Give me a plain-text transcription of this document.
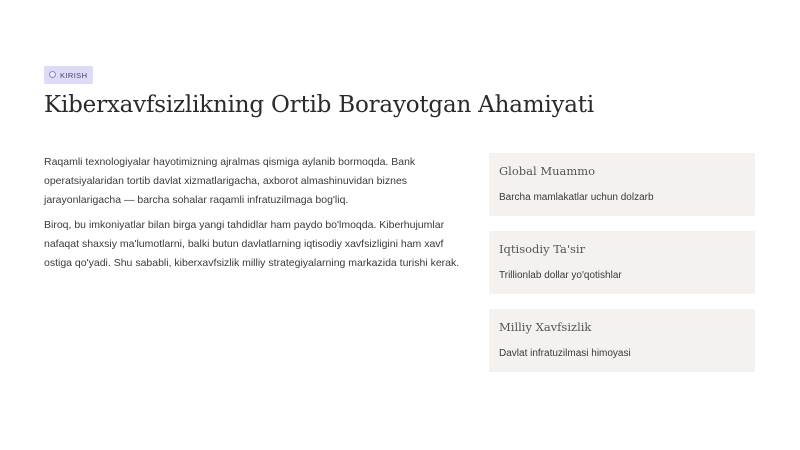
KIRISH
Kiberxavfsizlikning Ortib Borayotgan Ahamiyati

Raqamli texnologiyalar hayotimizning ajralmas qismiga aylanib bormoqda. Bank operatsiyalaridan tortib davlat xizmatlarigacha, axborot almashinuvidan biznes jarayonlarigacha — barcha sohalar raqamli infratuzilmaga bog'liq.

Biroq, bu imkoniyatlar bilan birga yangi tahdidlar ham paydo bo'lmoqda. Kiberhujumlar nafaqat shaxsiy ma'lumotlarni, balki butun davlatlarning iqtisodiy xavfsizligini ham xavf ostiga qo'yadi. Shu sababli, kiberxavfsizlik milliy strategiyalarning markazida turishi kerak.

Global Muammo
Barcha mamlakatlar uchun dolzarb
Iqtisodiy Ta'sir
Trillionlab dollar yo'qotishlar
Milliy Xavfsizlik
Davlat infratuzilmasi himoyasi
